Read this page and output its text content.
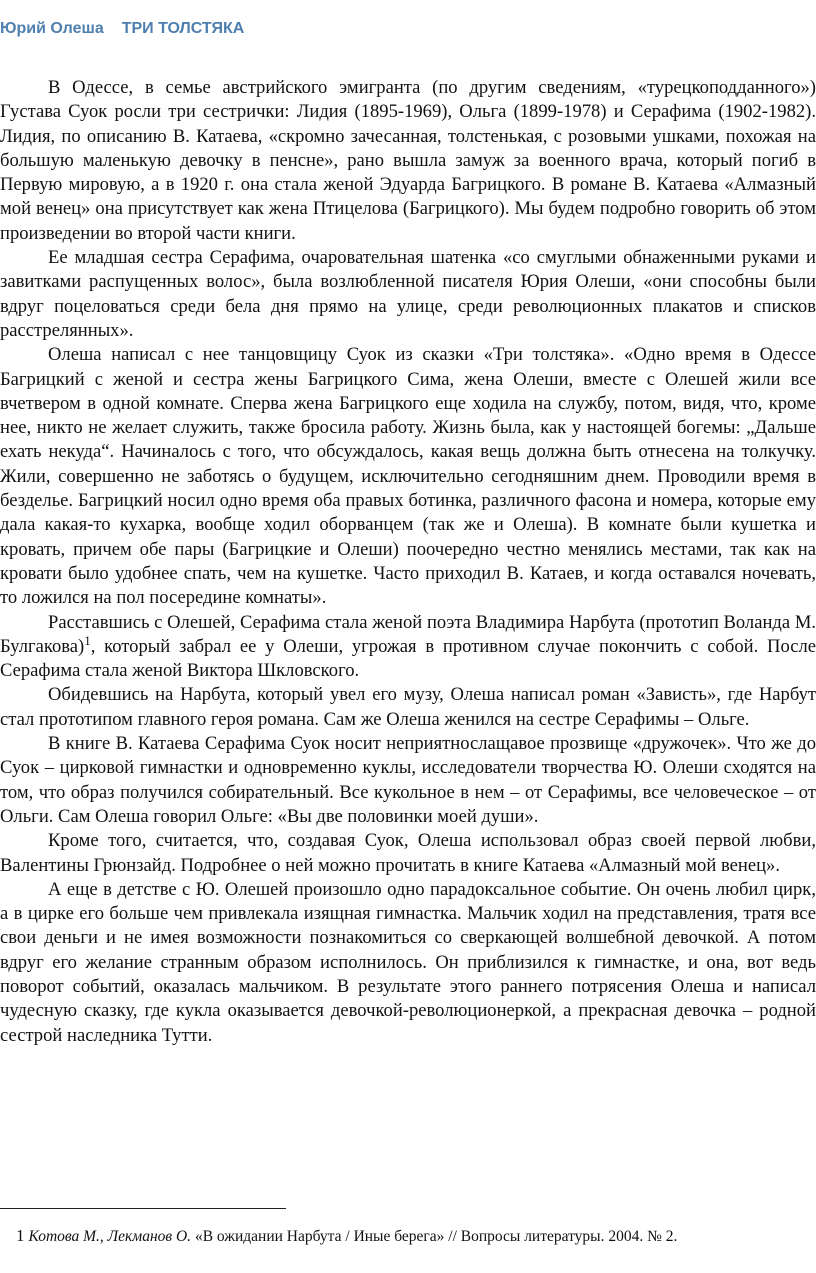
Юрий Олеша ТРИ ТОЛСТЯКА

В Одессе, в семье австрийского эмигранта (по другим сведениям, «турецкоподданного») Густава Суок росли три сестрички: Лидия (1895-1969), Ольга (1899-1978) и Серафима (1902-1982). Лидия, по описанию В. Катаева, «скромно зачесанная, толстенькая, с розовыми ушками, похожая на большую маленькую девочку в пенсне», рано вышла замуж за военного врача, который погиб в Первую мировую, а в 1920 г. она стала женой Эдуарда Багрицкого. В романе В. Катаева «Алмазный мой венец» она присутствует как жена Птицелова (Багрицкого). Мы будем подробно говорить об этом произведении во второй части книги.

Ее младшая сестра Серафима, очаровательная шатенка «со смуглыми обнаженными руками и завитками распущенных волос», была возлюбленной писателя Юрия Олеши, «они способны были вдруг поцеловаться среди бела дня прямо на улице, среди революционных плакатов и списков расстрелянных».

Олеша написал с нее танцовщицу Суок из сказки «Три толстяка». «Одно время в Одессе Багрицкий с женой и сестра жены Багрицкого Сима, жена Олеши, вместе с Олешей жили все вчетвером в одной комнате. Сперва жена Багрицкого еще ходила на службу, потом, видя, что, кроме нее, никто не желает служить, также бросила работу. Жизнь была, как у настоящей богемы: „Дальше ехать некуда“. Начиналось с того, что обсуждалось, какая вещь должна быть отнесена на толкучку. Жили, совершенно не заботясь о будущем, исключительно сегодняшним днем. Проводили время в безделье. Багрицкий носил одно время оба правых ботинка, различного фасона и номера, которые ему дала какая-то кухарка, вообще ходил оборванцем (так же и Олеша). В комнате были кушетка и кровать, причем обе пары (Багрицкие и Олеши) поочередно честно менялись местами, так как на кровати было удобнее спать, чем на кушетке. Часто приходил В. Катаев, и когда оставался ночевать, то ложился на пол посередине комнаты».

Расставшись с Олешей, Серафима стала женой поэта Владимира Нарбута (прототип Воланда М. Булгакова)$^1$, который забрал ее у Олеши, угрожая в противном случае покончить с собой. После Серафима стала женой Виктора Шкловского.

Обидевшись на Нарбута, который увел его музу, Олеша написал роман «Зависть», где Нарбут стал прототипом главного героя романа. Сам же Олеша женился на сестре Серафимы – Ольге.

В книге В. Катаева Серафима Суок носит неприятнослащавое прозвище «дружочек». Что же до Суок – цирковой гимнастки и одновременно куклы, исследователи творчества Ю. Олеши сходятся на том, что образ получился собирательный. Все кукольное в нем – от Серафимы, все человеческое – от Ольги. Сам Олеша говорил Ольге: «Вы две половинки моей души».

Кроме того, считается, что, создавая Суок, Олеша использовал образ своей первой любви, Валентины Грюнзайд. Подробнее о ней можно прочитать в книге Катаева «Алмазный мой венец».

А еще в детстве с Ю. Олешей произошло одно парадоксальное событие. Он очень любил цирк, а в цирке его больше чем привлекала изящная гимнастка. Мальчик ходил на представления, тратя все свои деньги и не имея возможности познакомиться со сверкающей волшебной девочкой. А потом вдруг его желание странным образом исполнилось. Он приблизился к гимнастке, и она, вот ведь поворот событий, оказалась мальчиком. В результате этого раннего потрясения Олеша и написал чудесную сказку, где кукла оказывается девочкой-революционеркой, а прекрасная девочка – родной сестрой наследника Тутти.

1 Котова М., Лекманов О. «В ожидании Нарбута / Иные берега» // Вопросы литературы. 2004. № 2.
